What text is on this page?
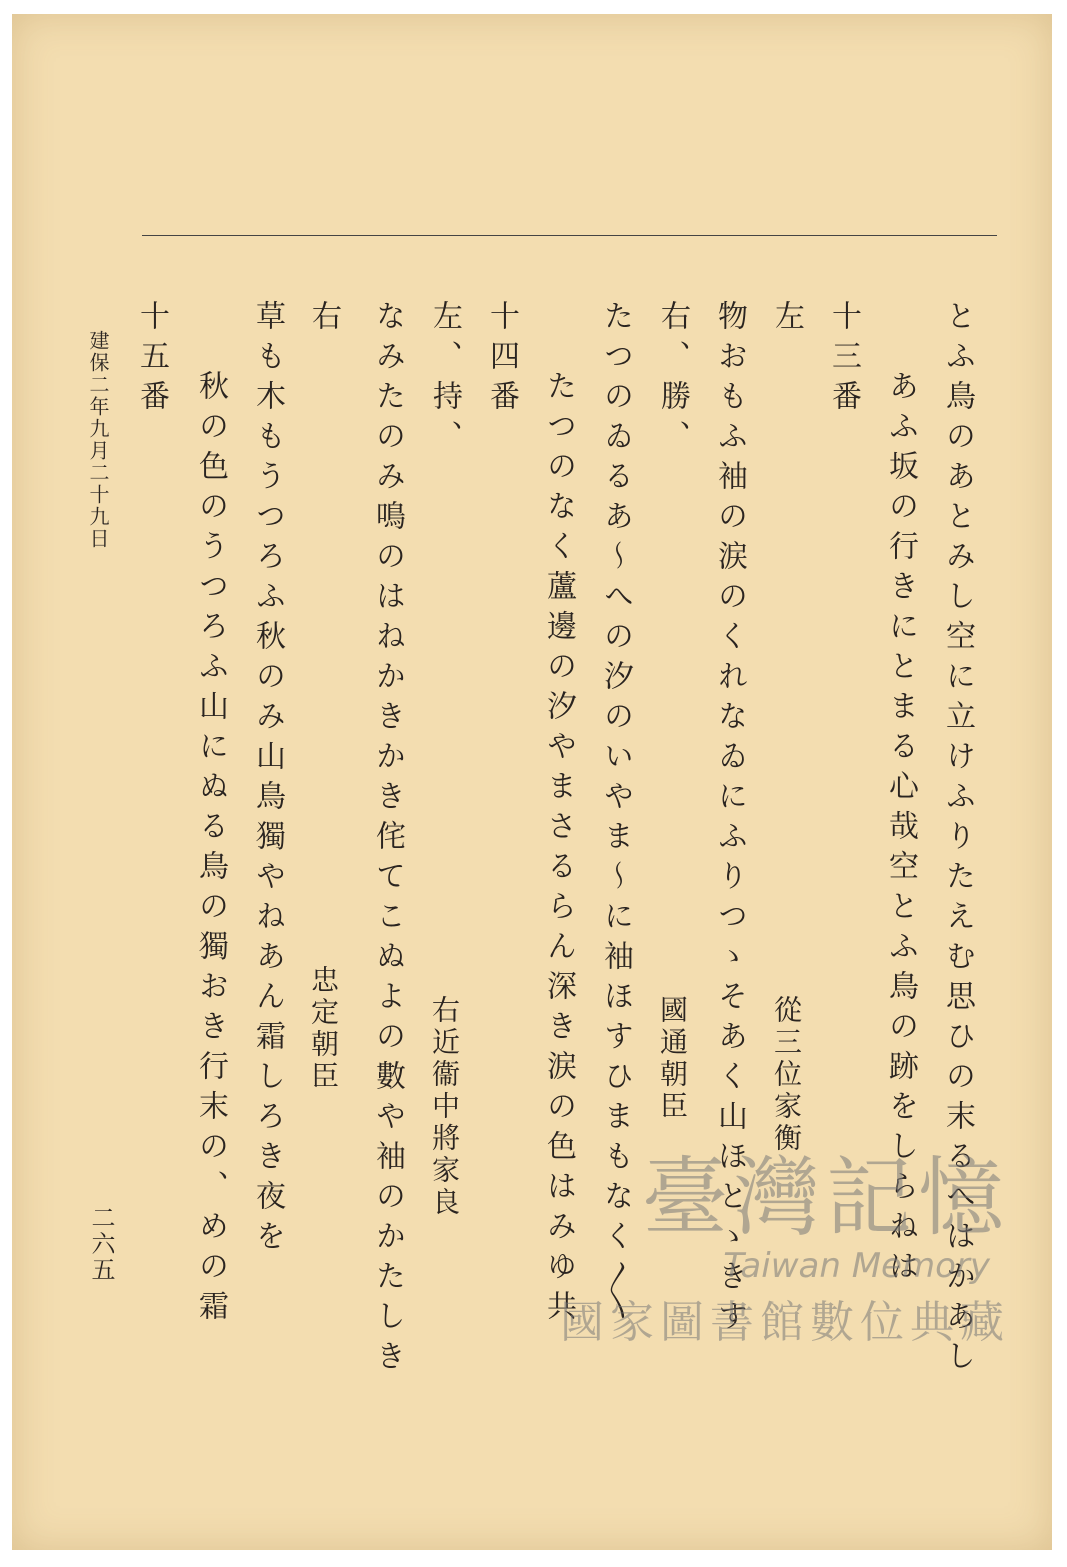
とふ鳥のあとみし空に立けふりたえむ思ひの末るへはかあし
あふ坂の行きにとまる心哉空とふ鳥の跡をしらねは
十三番
左
從三位家衡
物おもふ袖の涙のくれなゐにふりつゝそあく山ほとゝきす
右、勝、
國通朝臣
たつのゐるあ〜への汐のいやま〜に袖ほすひまもなく〳〵
たつのなく蘆邊の汐やまさるらん深き涙の色はみゆ共
十四番
左、持、
右近衞中將家良
なみたのみ鳴のはねかきかき侘てこぬよの數や袖のかたしき
右
忠定朝臣
草も木もうつろふ秋のみ山鳥獨やねあん霜しろき夜を
秋の色のうつろふ山にぬる鳥の獨おき行末の、めの霜
十五番
建保二年九月二十九日
二六五	臺灣記憶
Taiwan Memory
國家圖書館數位典藏
